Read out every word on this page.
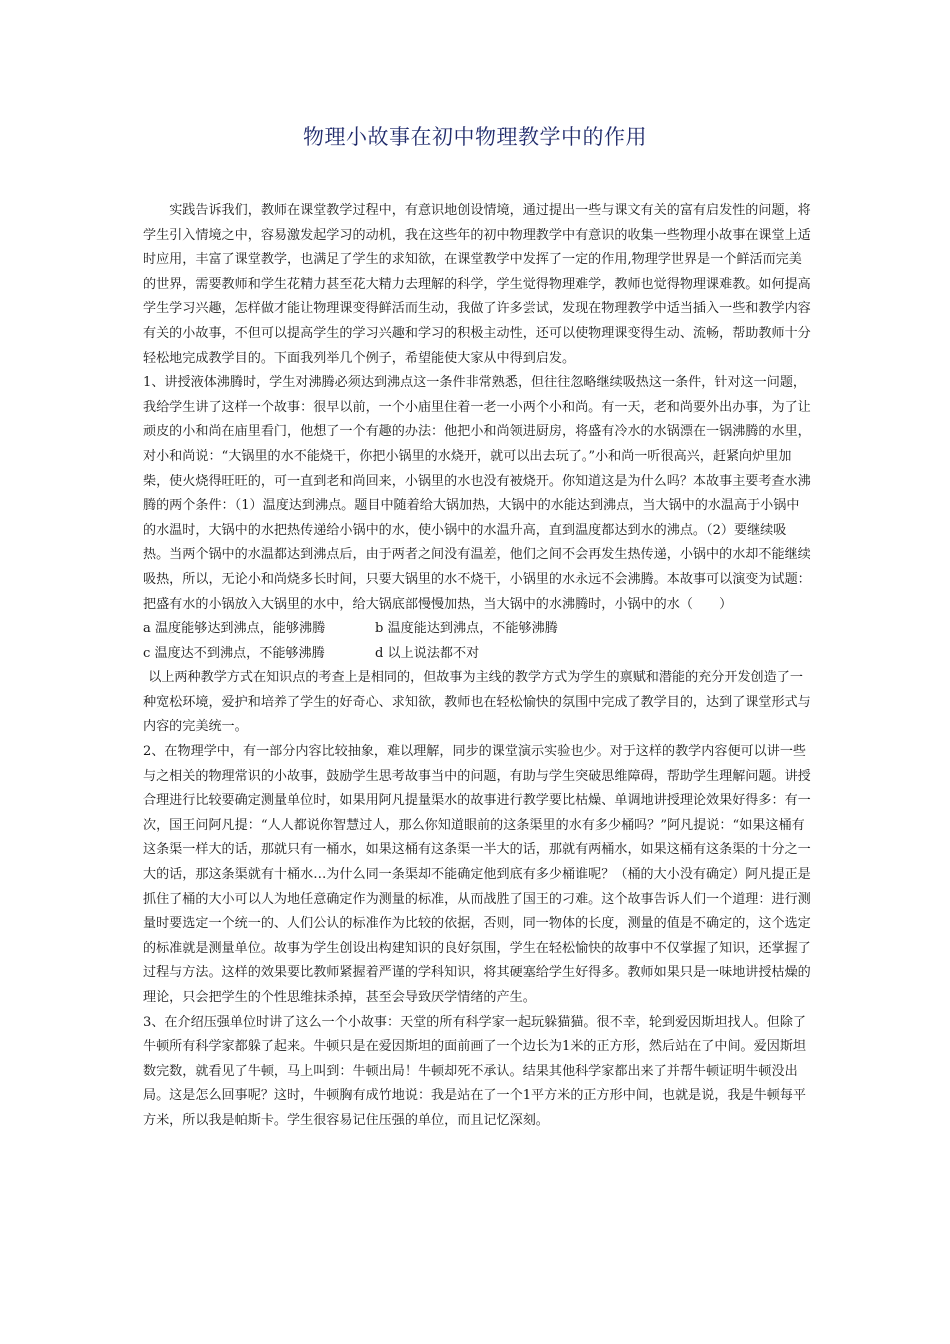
物理小故事在初中物理教学中的作用

实践告诉我们，教师在课堂教学过程中，有意识地创设情境，通过提出一些与课文有关的富有启发性的问题，将学生引入情境之中，容易激发起学习的动机，我在这些年的初中物理教学中有意识的收集一些物理小故事在课堂上适时应用，丰富了课堂教学，也满足了学生的求知欲，在课堂教学中发挥了一定的作用,物理学世界是一个鲜活而完美的世界，需要教师和学生花精力甚至花大精力去理解的科学，学生觉得物理难学，教师也觉得物理课难教。如何提高学生学习兴趣，怎样做才能让物理课变得鲜活而生动，我做了许多尝试，发现在物理教学中适当插入一些和教学内容有关的小故事，不但可以提高学生的学习兴趣和学习的积极主动性，还可以使物理课变得生动、流畅，帮助教师十分轻松地完成教学目的。下面我列举几个例子，希望能使大家从中得到启发。

1、讲授液体沸腾时，学生对沸腾必须达到沸点这一条件非常熟悉，但往往忽略继续吸热这一条件，针对这一问题，我给学生讲了这样一个故事：很早以前，一个小庙里住着一老一小两个小和尚。有一天，老和尚要外出办事，为了让顽皮的小和尚在庙里看门，他想了一个有趣的办法：他把小和尚领进厨房，将盛有冷水的水锅漂在一锅沸腾的水里，对小和尚说：“大锅里的水不能烧干，你把小锅里的水烧开，就可以出去玩了。”小和尚一听很高兴，赶紧向炉里加柴，使火烧得旺旺的，可一直到老和尚回来，小锅里的水也没有被烧开。你知道这是为什么吗？本故事主要考查水沸腾的两个条件：（1）温度达到沸点。题目中随着给大锅加热，大锅中的水能达到沸点，当大锅中的水温高于小锅中的水温时，大锅中的水把热传递给小锅中的水，使小锅中的水温升高，直到温度都达到水的沸点。（2）要继续吸热。当两个锅中的水温都达到沸点后，由于两者之间没有温差，他们之间不会再发生热传递，小锅中的水却不能继续吸热，所以，无论小和尚烧多长时间，只要大锅里的水不烧干，小锅里的水永远不会沸腾。本故事可以演变为试题：把盛有水的小锅放入大锅里的水中，给大锅底部慢慢加热，当大锅中的水沸腾时，小锅中的水（　　）

a 温度能够达到沸点，能够沸腾	b 温度能达到沸点，不能够沸腾
c 温度达不到沸点，不能够沸腾	d 以上说法都不对

以上两种教学方式在知识点的考查上是相同的，但故事为主线的教学方式为学生的禀赋和潜能的充分开发创造了一种宽松环境，爱护和培养了学生的好奇心、求知欲，教师也在轻松愉快的氛围中完成了教学目的，达到了课堂形式与内容的完美统一。

2、在物理学中，有一部分内容比较抽象，难以理解，同步的课堂演示实验也少。对于这样的教学内容便可以讲一些与之相关的物理常识的小故事，鼓励学生思考故事当中的问题，有助与学生突破思维障碍，帮助学生理解问题。讲授合理进行比较要确定测量单位时，如果用阿凡提量渠水的故事进行教学要比枯燥、单调地讲授理论效果好得多：有一次，国王问阿凡提：“人人都说你智慧过人，那么你知道眼前的这条渠里的水有多少桶吗？”阿凡提说：“如果这桶有这条渠一样大的话，那就只有一桶水，如果这桶有这条渠一半大的话，那就有两桶水，如果这桶有这条渠的十分之一大的话，那这条渠就有十桶水…为什么同一条渠却不能确定他到底有多少桶谁呢？（桶的大小没有确定）阿凡提正是抓住了桶的大小可以人为地任意确定作为测量的标准，从而战胜了国王的刁难。这个故事告诉人们一个道理：进行测量时要选定一个统一的、人们公认的标准作为比较的依据，否则，同一物体的长度，测量的值是不确定的，这个选定的标准就是测量单位。故事为学生创设出构建知识的良好氛围，学生在轻松愉快的故事中不仅掌握了知识，还掌握了过程与方法。这样的效果要比教师紧握着严谨的学科知识，将其硬塞给学生好得多。教师如果只是一味地讲授枯燥的理论，只会把学生的个性思维抹杀掉，甚至会导致厌学情绪的产生。

3、在介绍压强单位时讲了这么一个小故事：天堂的所有科学家一起玩躲猫猫。很不幸，轮到爱因斯坦找人。但除了牛顿所有科学家都躲了起来。牛顿只是在爱因斯坦的面前画了一个边长为1米的正方形，然后站在了中间。爱因斯坦数完数，就看见了牛顿，马上叫到：牛顿出局！牛顿却死不承认。结果其他科学家都出来了并帮牛顿证明牛顿没出局。这是怎么回事呢？这时，牛顿胸有成竹地说：我是站在了一个1平方米的正方形中间，也就是说，我是牛顿每平方米，所以我是帕斯卡。学生很容易记住压强的单位，而且记忆深刻。
